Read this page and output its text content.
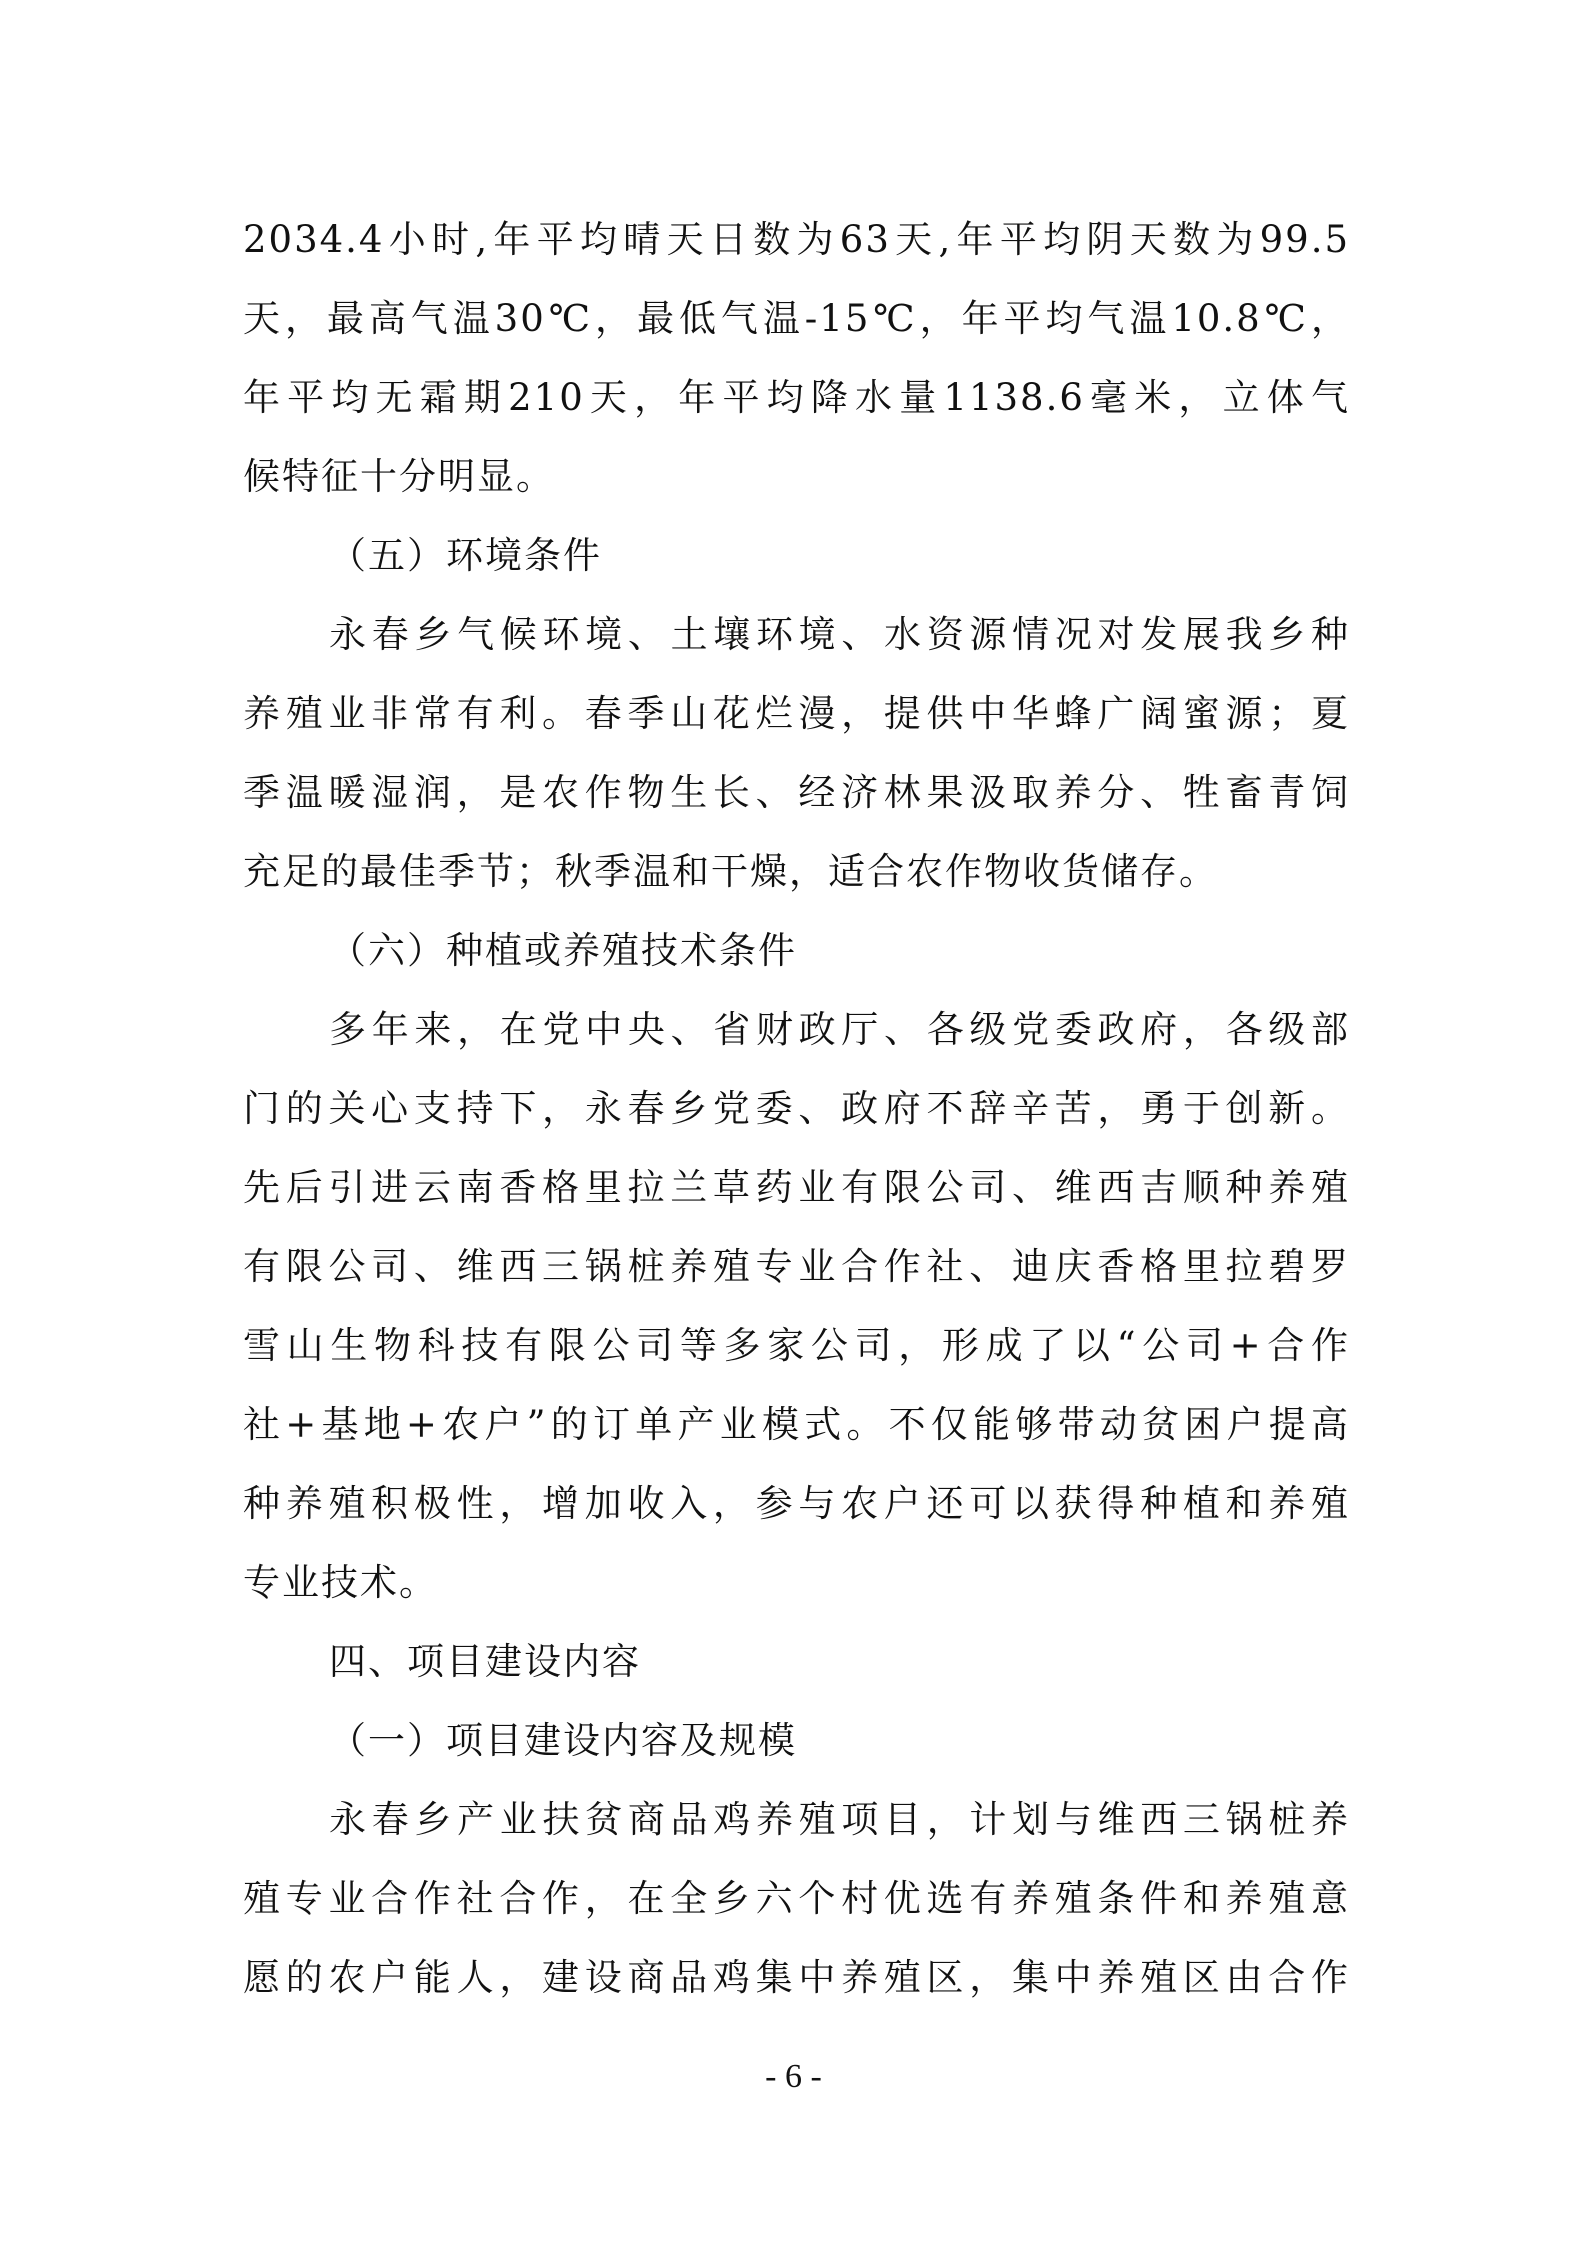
2034.4小时,年平均晴天日数为63天,年平均阴天数为99.5
天，最高气温30℃，最低气温-15℃，年平均气温10.8℃，
年平均无霜期210天，年平均降水量1138.6毫米，立体气
候特征十分明显。
（五）环境条件
永春乡气候环境、土壤环境、水资源情况对发展我乡种
养殖业非常有利。春季山花烂漫，提供中华蜂广阔蜜源；夏
季温暖湿润，是农作物生长、经济林果汲取养分、牲畜青饲
充足的最佳季节；秋季温和干燥，适合农作物收货储存。
（六）种植或养殖技术条件
多年来，在党中央、省财政厅、各级党委政府，各级部
门的关心支持下，永春乡党委、政府不辞辛苦，勇于创新。
先后引进云南香格里拉兰草药业有限公司、维西吉顺种养殖
有限公司、维西三锅桩养殖专业合作社、迪庆香格里拉碧罗
雪山生物科技有限公司等多家公司，形成了以“公司+合作
社+基地+农户”的订单产业模式。不仅能够带动贫困户提高
种养殖积极性，增加收入，参与农户还可以获得种植和养殖
专业技术。
四、项目建设内容
（一）项目建设内容及规模
永春乡产业扶贫商品鸡养殖项目，计划与维西三锅桩养
殖专业合作社合作，在全乡六个村优选有养殖条件和养殖意
愿的农户能人，建设商品鸡集中养殖区，集中养殖区由合作
- 6 -
